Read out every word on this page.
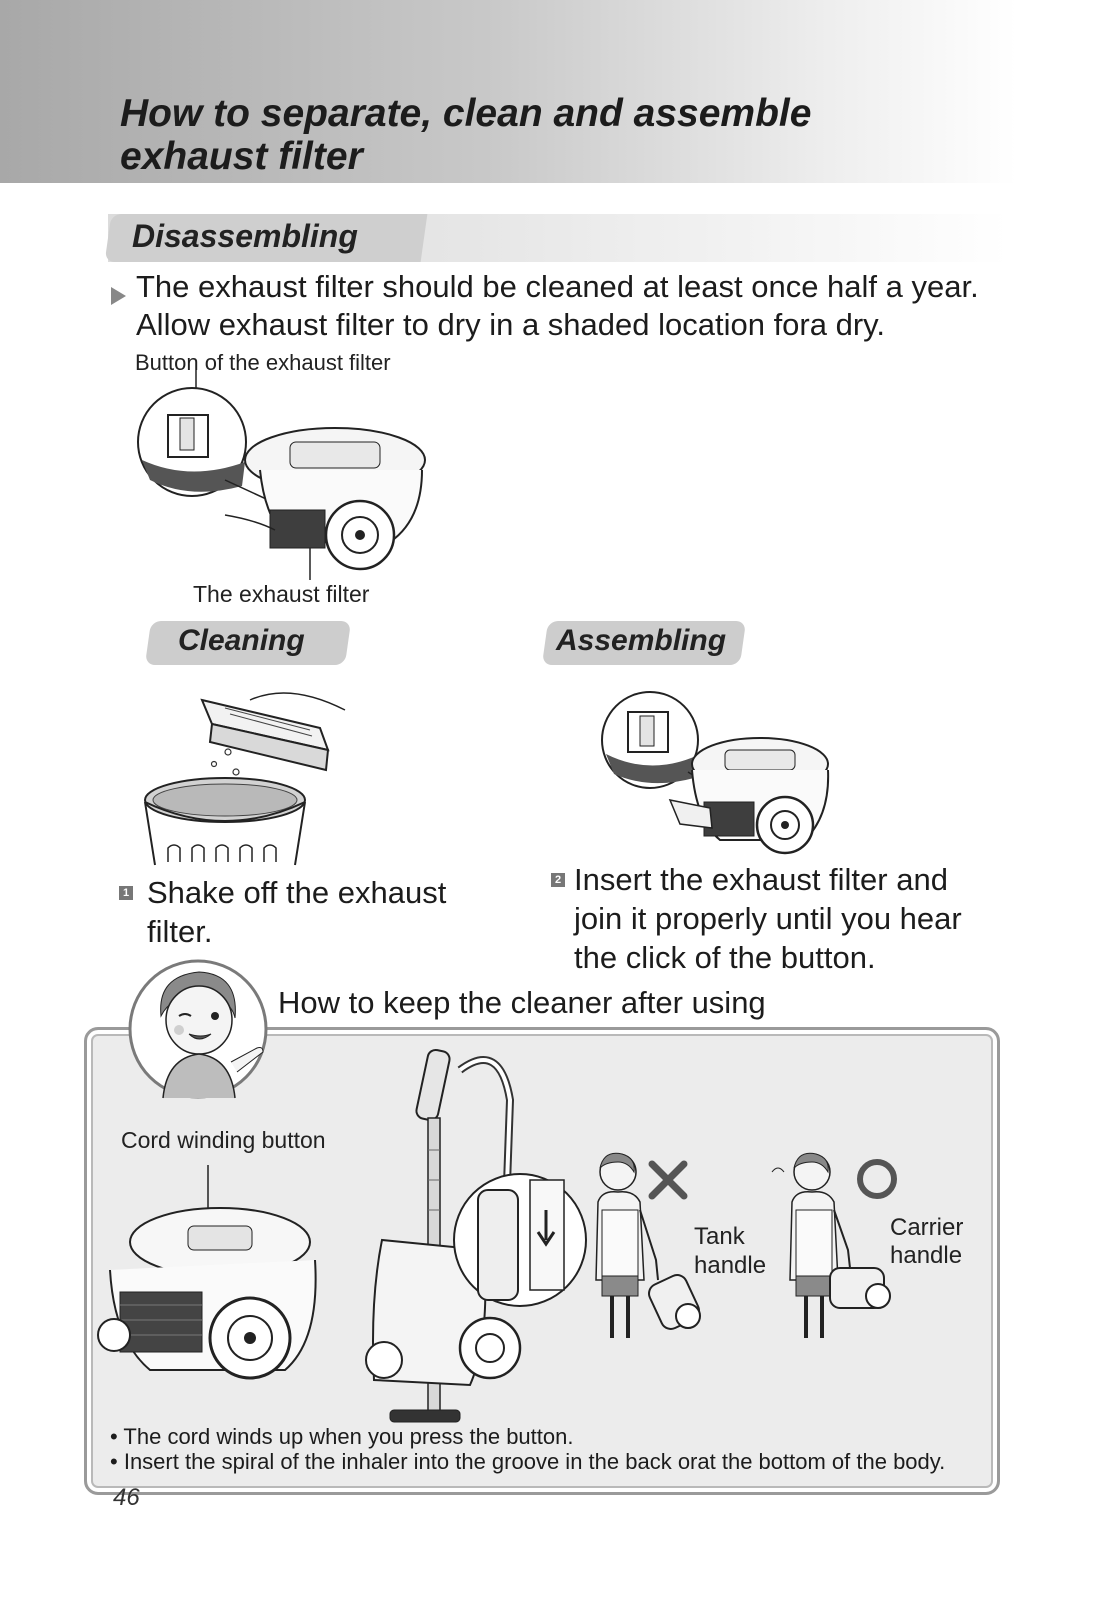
How to separate, clean and assemble
exhaust filter
Disassembling
The exhaust filter should be cleaned at least once half a year.
Allow exhaust filter to dry in a shaded location fora dry.
Button of the exhaust filter
The exhaust filter
Cleaning	Assembling
1 Shake off the exhaust
filter.
2 Insert the exhaust filter and
join it properly until you hear
the click of the button.
How to keep the cleaner after using
Cord winding button
Tank
handle
Carrier
handle
• The cord winds up when you press the button.
• Insert the spiral of the inhaler into the groove in the back orat the bottom of the body.
46
